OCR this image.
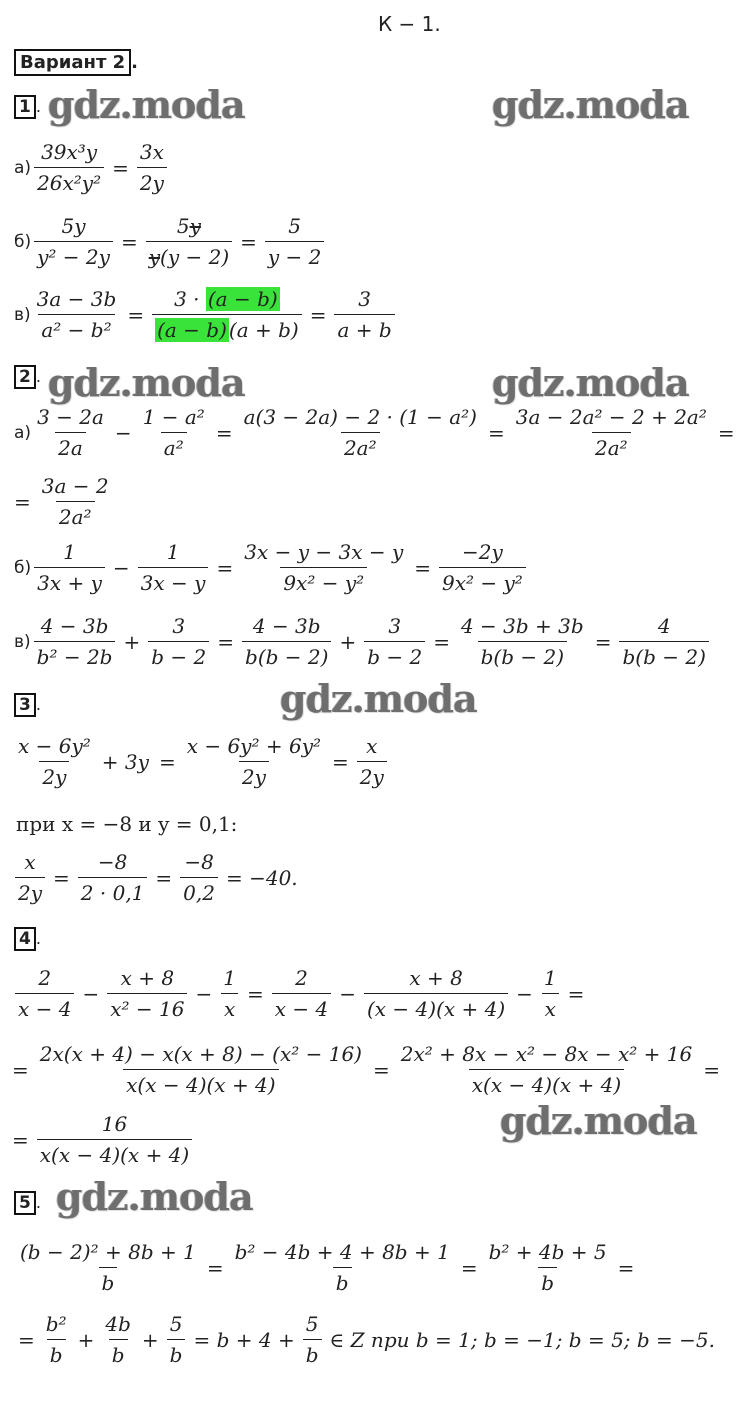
К − 1.
Вариант 2 .
gdz.moda	gdz.moda
gdz.moda	gdz.moda
gdz.moda
gdz.moda
gdz.moda
1 .
2 .
3 .
4 .
5 .
$а) \frac{\text{39x³y}}{\text{26x²y²}} = \frac{3x}{2y}$
$б) \frac{5y}{\text{y² − 2y}} = \frac{5y}{y(y - 2)} = \frac{5}{y - 2}$
$в) \frac{3a - 3b}{\text{a² − b²}} = \frac{3 \cdot (a - b)}{(a - b) (a + b)} = \frac{3}{a + b}$
$а) \frac{3 - 2a}{2a} - \frac{\text{1 − a²}}{\text{a²}} = \frac{\text{a(3 − 2a) − 2 · (1 − a²)}}{\text{2a²}} = \frac{\text{3a − 2a² − 2 + 2a²}}{\text{2a²}}$ =
= $\frac{3a - 2}{\text{2a²}}$
$б) \frac{1}{3x + y} - \frac{1}{3x - y} = \frac{3x - y - 3x - y}{\text{9x² − y²}} = \frac{-2y}{\text{9x² − y²}}$
$в) \frac{4 - 3b}{\text{b² − 2b}} + \frac{3}{b - 2} = \frac{4 - 3b}{b(b - 2)} + \frac{3}{b - 2} = \frac{4 - 3b + 3b}{b(b - 2)} = \frac{4}{b(b - 2)}$
$\frac{\text{x − 6y²}}{2y} + 3y = \frac{\text{x − 6y² + 6y²}}{2y} = \frac{x}{2y}$
при x = −8 и y = 0,1:
$\frac{x}{2y} = \frac{-8}{2 \cdot 0,1} = \frac{-8}{0,2} = -40$.
$\frac{2}{x - 4} - \frac{x + 8}{\text{x² − 16}} - \frac{1}{x} = \frac{2}{x - 4} - \frac{x + 8}{(x - 4)(x + 4)} - \frac{1}{x}$ =
= $\frac{\text{2x(x + 4) − x(x + 8) − (x² − 16)}}{x(x - 4)(x + 4)} = \frac{\text{2x² + 8x − x² − 8x − x² + 16}}{x(x - 4)(x + 4)}$ =
= $\frac{16}{x(x - 4)(x + 4)}$
$\frac{\text{(b − 2)² + 8b + 1}}{b} = \frac{\text{b² − 4b + 4 + 8b + 1}}{b} = \frac{\text{b² + 4b + 5}}{b}$ =
= $\frac{\text{b²}}{b} + \frac{4b}{b} + \frac{5}{b} = b + 4 + \frac{5}{b}$ ∈ Z при b = 1; b = −1; b = 5; b = −5.
